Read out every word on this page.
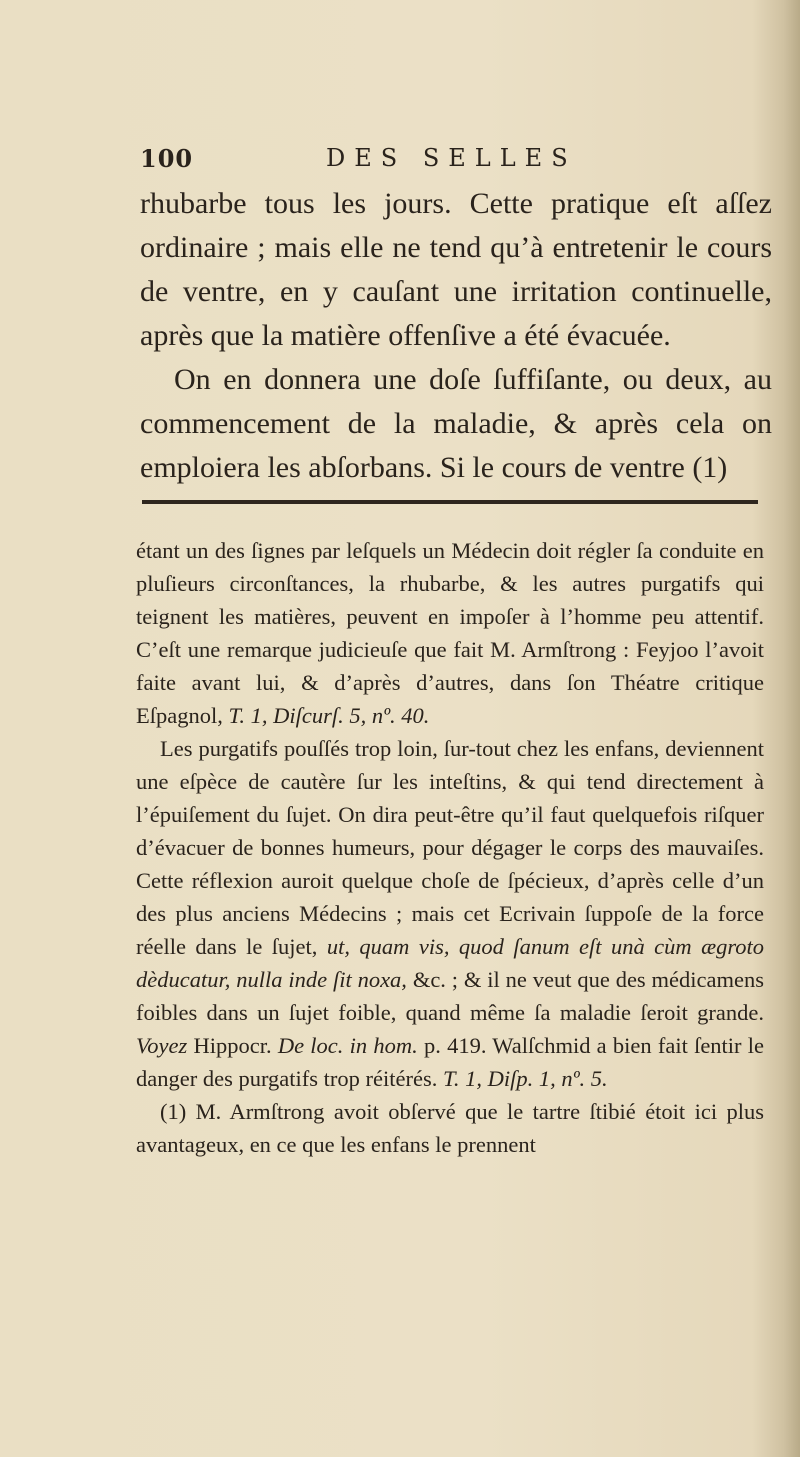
100	DES SELLES

rhubarbe tous les jours. Cette pratique eſt aſſez ordinaire ; mais elle ne tend qu’à entretenir le cours de ventre, en y cauſant une irritation continuelle, après que la matière offenſive a été évacuée.

On en donnera une doſe ſuffiſante, ou deux, au commencement de la maladie, & après cela on emploiera les abſorbans. Si le cours de ventre (1)

étant un des ſignes par leſquels un Médecin doit régler ſa conduite en pluſieurs circonſtances, la rhubarbe, & les autres purgatifs qui teignent les matières, peuvent en impoſer à l’homme peu attentif. C’eſt une remarque judicieuſe que fait M. Armſtrong : Feyjoo l’avoit faite avant lui, & d’après d’autres, dans ſon Théatre critique Eſpagnol, T. 1, Diſcurſ. 5, nº. 40.

Les purgatifs pouſſés trop loin, ſur-tout chez les enfans, deviennent une eſpèce de cautère ſur les inteſtins, & qui tend directement à l’épuiſement du ſujet. On dira peut-être qu’il faut quelquefois riſquer d’évacuer de bonnes humeurs, pour dégager le corps des mauvaiſes. Cette réflexion auroit quelque choſe de ſpécieux, d’après celle d’un des plus anciens Médecins ; mais cet Ecrivain ſuppoſe de la force réelle dans le ſujet, ut, quam vis, quod ſanum eſt unà cùm ægroto dèducatur, nulla inde ſit noxa, &c. ; & il ne veut que des médicamens foibles dans un ſujet foible, quand même ſa maladie ſeroit grande. Voyez Hippocr. De loc. in hom. p. 419. Walſchmid a bien fait ſentir le danger des purgatifs trop réitérés. T. 1, Diſp. 1, nº. 5.

(1) M. Armſtrong avoit obſervé que le tartre ſtibié étoit ici plus avantageux, en ce que les enfans le prennent
